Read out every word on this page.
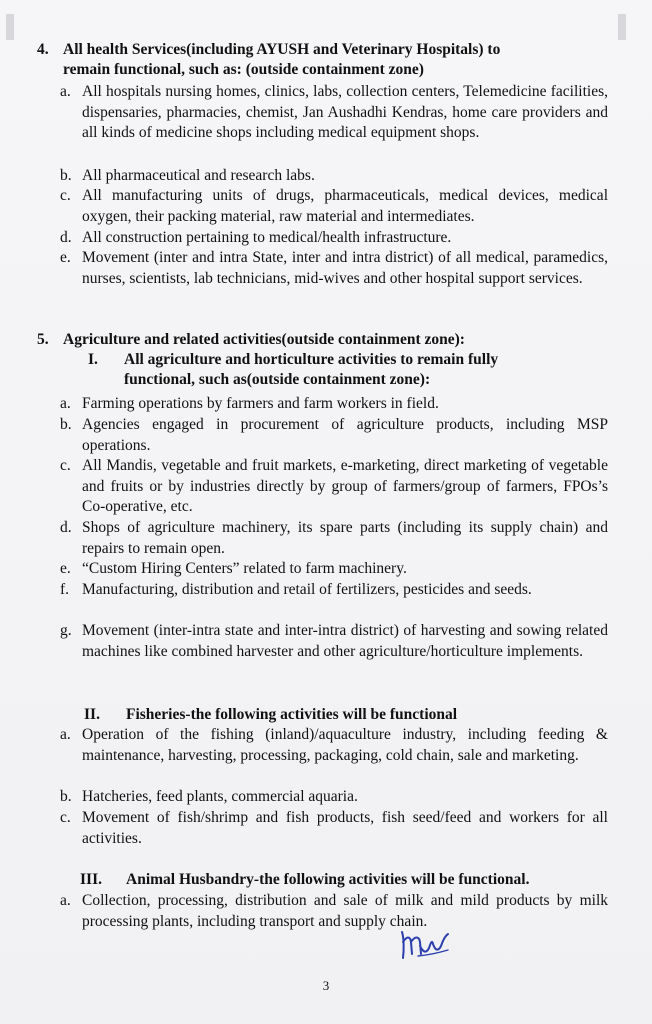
4. All health Services(including AYUSH and Veterinary Hospitals) to
remain functional, such as: (outside containment zone)
a. All hospitals nursing homes, clinics, labs, collection centers, Telemedicine facilities, dispensaries, pharmacies, chemist, Jan Aushadhi Kendras, home care providers and all kinds of medicine shops including medical equipment shops.
b. All pharmaceutical and research labs.
c. All manufacturing units of drugs, pharmaceuticals, medical devices, medical oxygen, their packing material, raw material and intermediates.
d. All construction pertaining to medical/health infrastructure.
e. Movement (inter and intra State, inter and intra district) of all medical, paramedics, nurses, scientists, lab technicians, mid-wives and other hospital support services.
5. Agriculture and related activities(outside containment zone):
I. All agriculture and horticulture activities to remain fully
functional, such as(outside containment zone):
a. Farming operations by farmers and farm workers in field.
b. Agencies engaged in procurement of agriculture products, including MSP operations.
c. All Mandis, vegetable and fruit markets, e-marketing, direct marketing of vegetable and fruits or by industries directly by group of farmers/group of farmers, FPOs’s Co-operative, etc.
d. Shops of agriculture machinery, its spare parts (including its supply chain) and repairs to remain open.
e. “Custom Hiring Centers” related to farm machinery.
f. Manufacturing, distribution and retail of fertilizers, pesticides and seeds.
g. Movement (inter-intra state and inter-intra district) of harvesting and sowing related machines like combined harvester and other agriculture/horticulture implements.
II. Fisheries-the following activities will be functional
a. Operation of the fishing (inland)/aquaculture industry, including feeding & maintenance, harvesting, processing, packaging, cold chain, sale and marketing.
b. Hatcheries, feed plants, commercial aquaria.
c. Movement of fish/shrimp and fish products, fish seed/feed and workers for all activities.
III. Animal Husbandry-the following activities will be functional.
a. Collection, processing, distribution and sale of milk and mild products by milk processing plants, including transport and supply chain.
3
